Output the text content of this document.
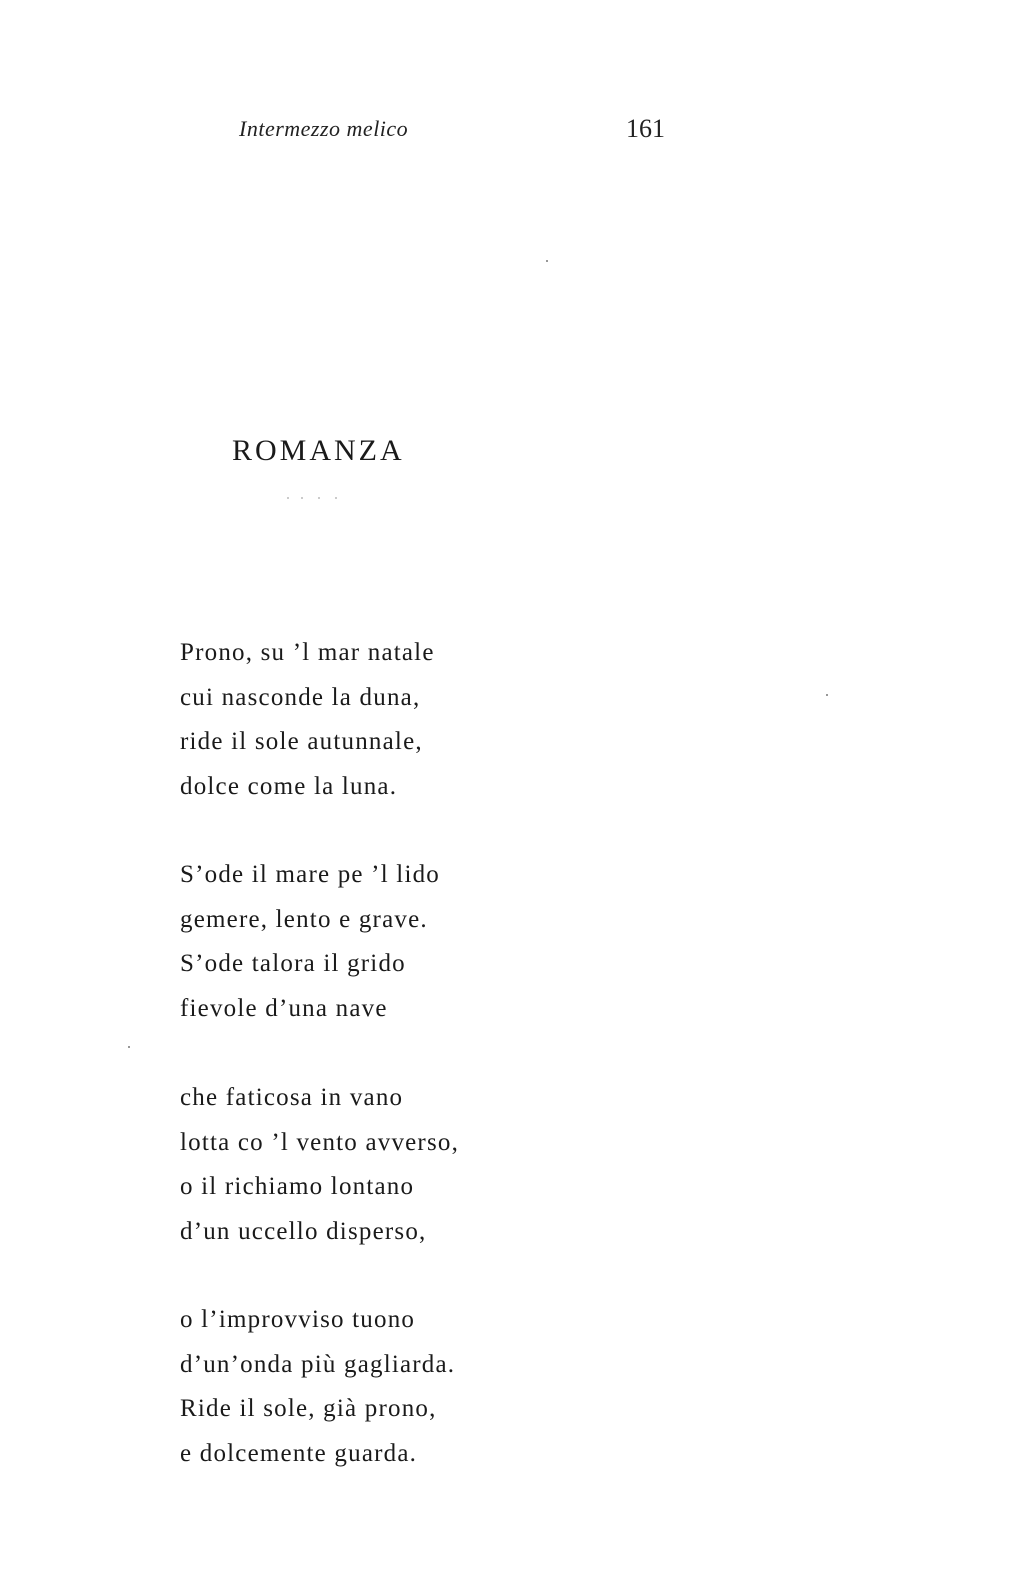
Intermezzo melico	161
ROMANZA
Prono, su ’l mar natale
cui nasconde la duna,
ride il sole autunnale,
dolce come la luna.
S’ode il mare pe ’l lido
gemere, lento e grave.
S’ode talora il grido
fievole d’una nave
che faticosa in vano
lotta co ’l vento avverso,
o il richiamo lontano
d’un uccello disperso,
o l’improvviso tuono
d’un’onda più gagliarda.
Ride il sole, già prono,
e dolcemente guarda.
